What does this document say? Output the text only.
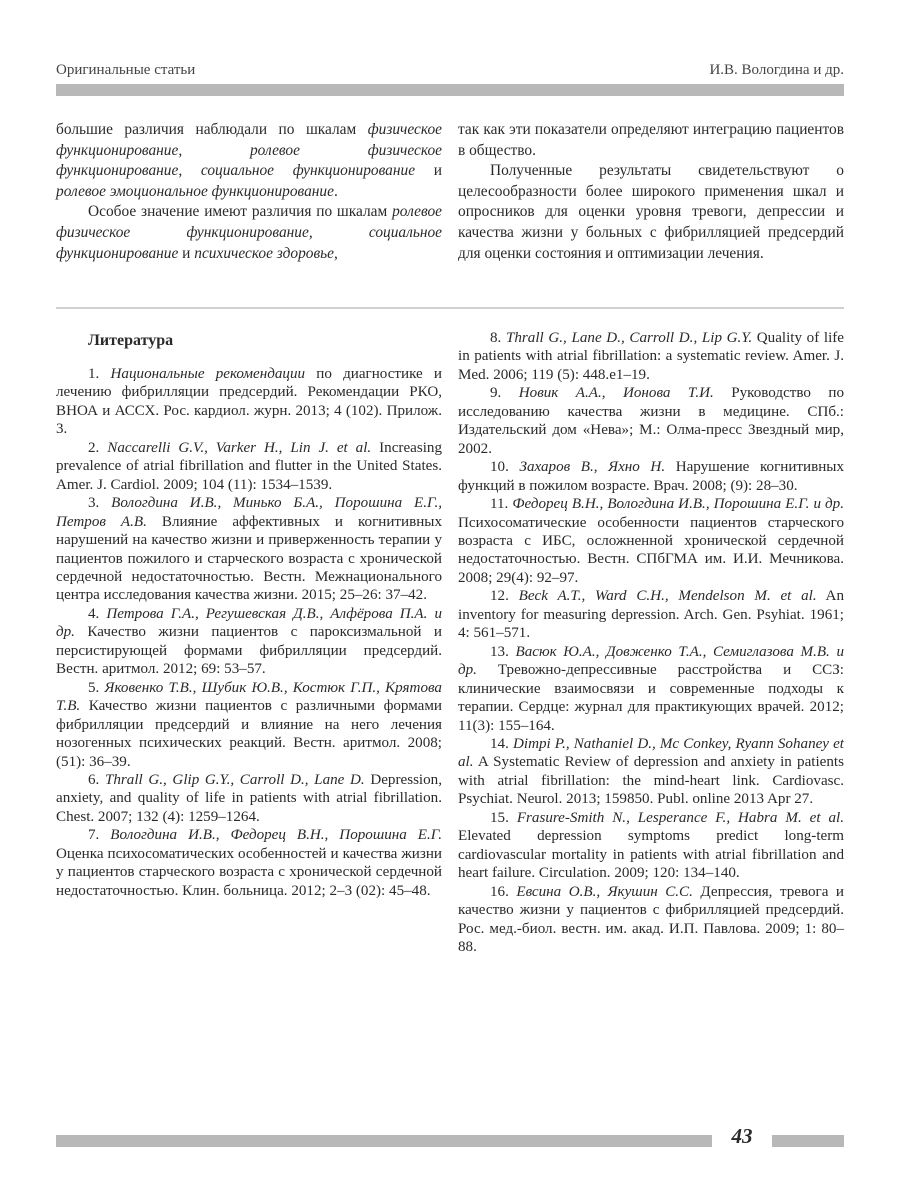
Оригинальные статьи	И.В. Вологдина и др.

большие различия наблюдали по шкалам физическое функционирование, ролевое физическое функционирование, социальное функционирование и ролевое эмоциональное функционирование.

Особое значение имеют различия по шкалам ролевое физическое функционирование, социальное функционирование и психическое здоровье,

так как эти показатели определяют интеграцию пациентов в общество.

Полученные результаты свидетельствуют о целесообразности более широкого применения шкал и опросников для оценки уровня тревоги, депрессии и качества жизни у больных с фибрилляцией предсердий для оценки состояния и оптимизации лечения.

Литература

1. Национальные рекомендации по диагностике и лечению фибрилляции предсердий. Рекомендации РКО, ВНОА и АССХ. Рос. кардиол. журн. 2013; 4 (102). Прилож. 3.

2. Naccarelli G.V., Varker H., Lin J. et al. Increasing prevalence of atrial fibrillation and flutter in the United States. Amer. J. Cardiol. 2009; 104 (11): 1534–1539.

3. Вологдина И.В., Минько Б.А., Порошина Е.Г., Петров А.В. Влияние аффективных и когнитивных нарушений на качество жизни и приверженность терапии у пациентов пожилого и старческого возраста с хронической сердечной недостаточностью. Вестн. Межнационального центра исследования качества жизни. 2015; 25–26: 37–42.

4. Петрова Г.А., Регушевская Д.В., Алфёрова П.А. и др. Качество жизни пациентов с пароксизмальной и персистирующей формами фибрилляции предсердий. Вестн. аритмол. 2012; 69: 53–57.

5. Яковенко Т.В., Шубик Ю.В., Костюк Г.П., Крятова Т.В. Качество жизни пациентов с различными формами фибрилляции предсердий и влияние на него лечения нозогенных психических реакций. Вестн. аритмол. 2008; (51): 36–39.

6. Thrall G., Glip G.Y., Carroll D., Lane D. Depression, anxiety, and quality of life in patients with atrial fibrillation. Chest. 2007; 132 (4): 1259–1264.

7. Вологдина И.В., Федорец В.Н., Порошина Е.Г. Оценка психосоматических особенностей и качества жизни у пациентов старческого возраста с хронической сердечной недостаточностью. Клин. больница. 2012; 2–3 (02): 45–48.

8. Thrall G., Lane D., Carroll D., Lip G.Y. Quality of life in patients with atrial fibrillation: a systematic review. Amer. J. Med. 2006; 119 (5): 448.e1–19.

9. Новик А.А., Ионова Т.И. Руководство по исследованию качества жизни в медицине. СПб.: Издательский дом «Нева»; М.: Олма-пресс Звездный мир, 2002.

10. Захаров В., Яхно Н. Нарушение когнитивных функций в пожилом возрасте. Врач. 2008; (9): 28–30.

11. Федорец В.Н., Вологдина И.В., Порошина Е.Г. и др. Психосоматические особенности пациентов старческого возраста с ИБС, осложненной хронической сердечной недостаточностью. Вестн. СПбГМА им. И.И. Мечникова. 2008; 29(4): 92–97.

12. Beck A.T., Ward C.H., Mendelson M. et al. An inventory for measuring depression. Arch. Gen. Psyhiat. 1961; 4: 561–571.

13. Васюк Ю.А., Довженко Т.А., Семиглазова М.В. и др. Тревожно-депрессивные расстройства и ССЗ: клинические взаимосвязи и современные подходы к терапии. Сердце: журнал для практикующих врачей. 2012; 11(3): 155–164.

14. Dimpi P., Nathaniel D., Mc Conkey, Ryann Sohaney et al. A Systematic Review of depression and anxiety in patients with atrial fibrillation: the mind-heart link. Cardiovasc. Psychiat. Neurol. 2013; 159850. Publ. online 2013 Apr 27.

15. Frasure-Smith N., Lesperance F., Habra M. et al. Elevated depression symptoms predict long-term cardiovascular mortality in patients with atrial fibrillation and heart failure. Circulation. 2009; 120: 134–140.

16. Евсина О.В., Якушин С.С. Депрессия, тревога и качество жизни у пациентов с фибрилляцией предсердий. Рос. мед.-биол. вестн. им. акад. И.П. Павлова. 2009; 1: 80–88.

43
